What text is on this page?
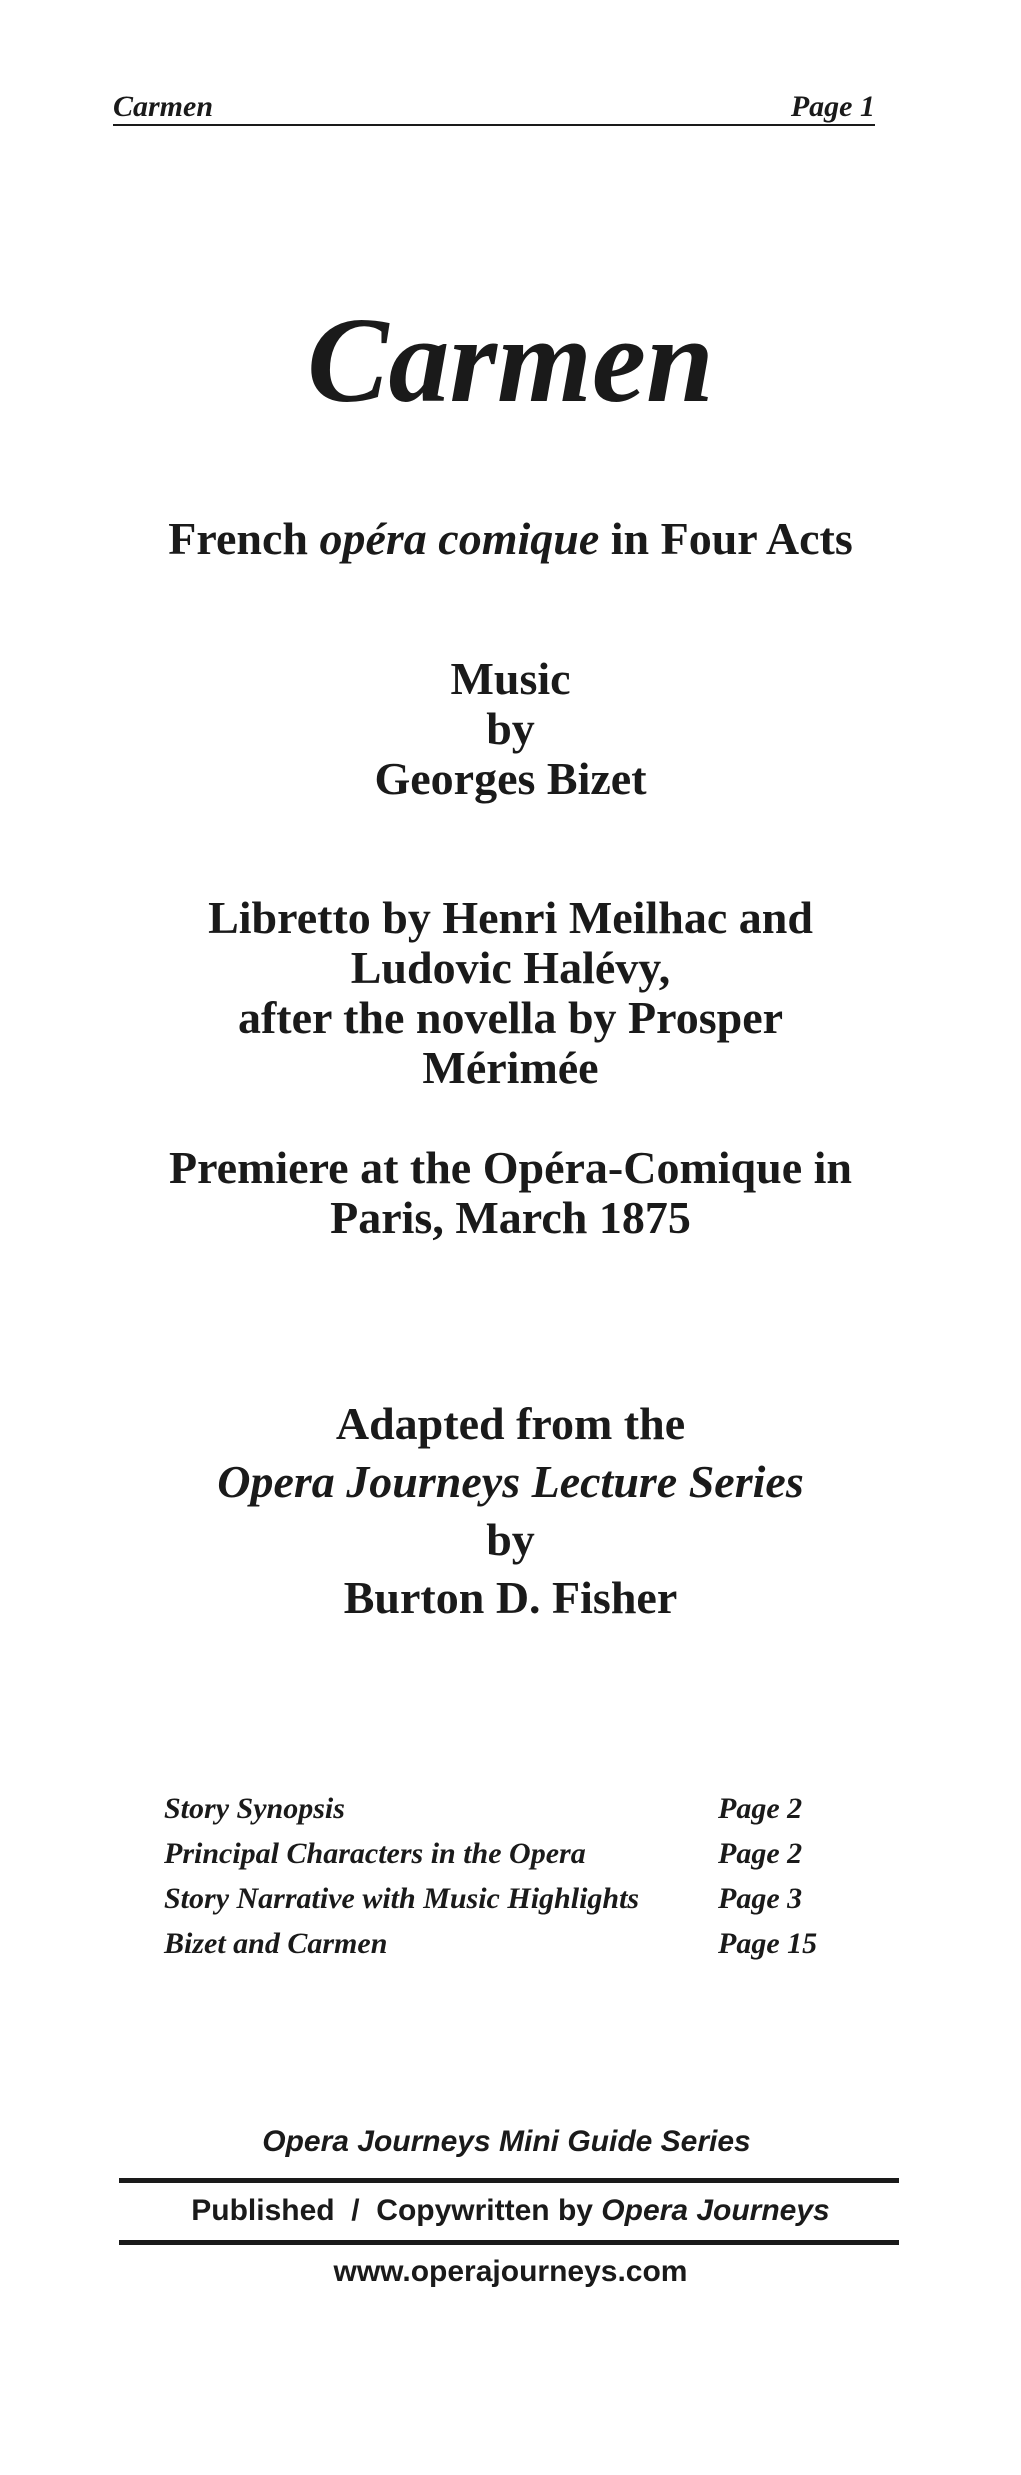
Carmen	Page 1
Carmen
French opéra comique in Four Acts
Music
by
Georges Bizet
Libretto by Henri Meilhac and
Ludovic Halévy,
after the novella by Prosper
Mérimée
Premiere at the Opéra-Comique in
Paris, March 1875
Adapted from the
Opera Journeys Lecture Series
by
Burton D. Fisher
Story Synopsis	Page 2
Principal Characters in the Opera	Page 2
Story Narrative with Music Highlights	Page 3
Bizet and Carmen	Page 15
Opera Journeys Mini Guide Series
Published  /  Copywritten by Opera Journeys
www.operajourneys.com
